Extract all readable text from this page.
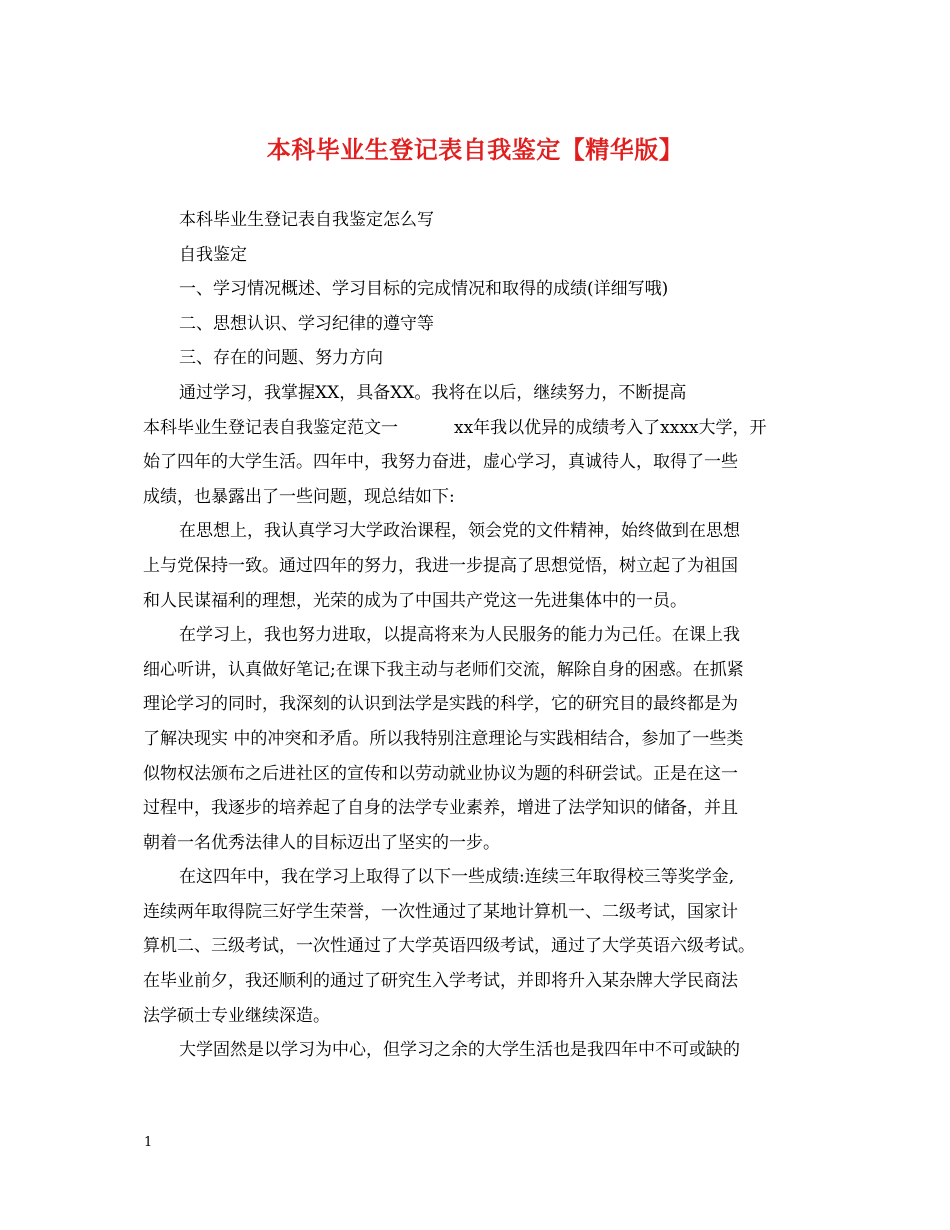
本科毕业生登记表自我鉴定【精华版】
本科毕业生登记表自我鉴定怎么写
自我鉴定
一、学习情况概述、学习目标的完成情况和取得的成绩(详细写哦)
二、思想认识、学习纪律的遵守等
三、存在的问题、努力方向
通过学习，我掌握XX，具备XX。我将在以后，继续努力，不断提高
本科毕业生登记表自我鉴定范文一	xx年我以优异的成绩考入了xxxx大学，开
始了四年的大学生活。四年中，我努力奋进，虚心学习，真诚待人，取得了一些
成绩，也暴露出了一些问题，现总结如下:
在思想上，我认真学习大学政治课程，领会党的文件精神，始终做到在思想
上与党保持一致。通过四年的努力，我进一步提高了思想觉悟，树立起了为祖国
和人民谋福利的理想，光荣的成为了中国共产党这一先进集体中的一员。
在学习上，我也努力进取，以提高将来为人民服务的能力为己任。在课上我
细心听讲，认真做好笔记;在课下我主动与老师们交流，解除自身的困惑。在抓紧
理论学习的同时，我深刻的认识到法学是实践的科学，它的研究目的最终都是为
了解决现实 中的冲突和矛盾。所以我特别注意理论与实践相结合，参加了一些类
似物权法颁布之后进社区的宣传和以劳动就业协议为题的科研尝试。正是在这一
过程中，我逐步的培养起了自身的法学专业素养，增进了法学知识的储备，并且
朝着一名优秀法律人的目标迈出了坚实的一步。
在这四年中，我在学习上取得了以下一些成绩:连续三年取得校三等奖学金,
连续两年取得院三好学生荣誉，一次性通过了某地计算机一、二级考试，国家计
算机二、三级考试，一次性通过了大学英语四级考试，通过了大学英语六级考试。
在毕业前夕，我还顺利的通过了研究生入学考试，并即将升入某杂牌大学民商法
法学硕士专业继续深造。
大学固然是以学习为中心，但学习之余的大学生活也是我四年中不可或缺的
1
